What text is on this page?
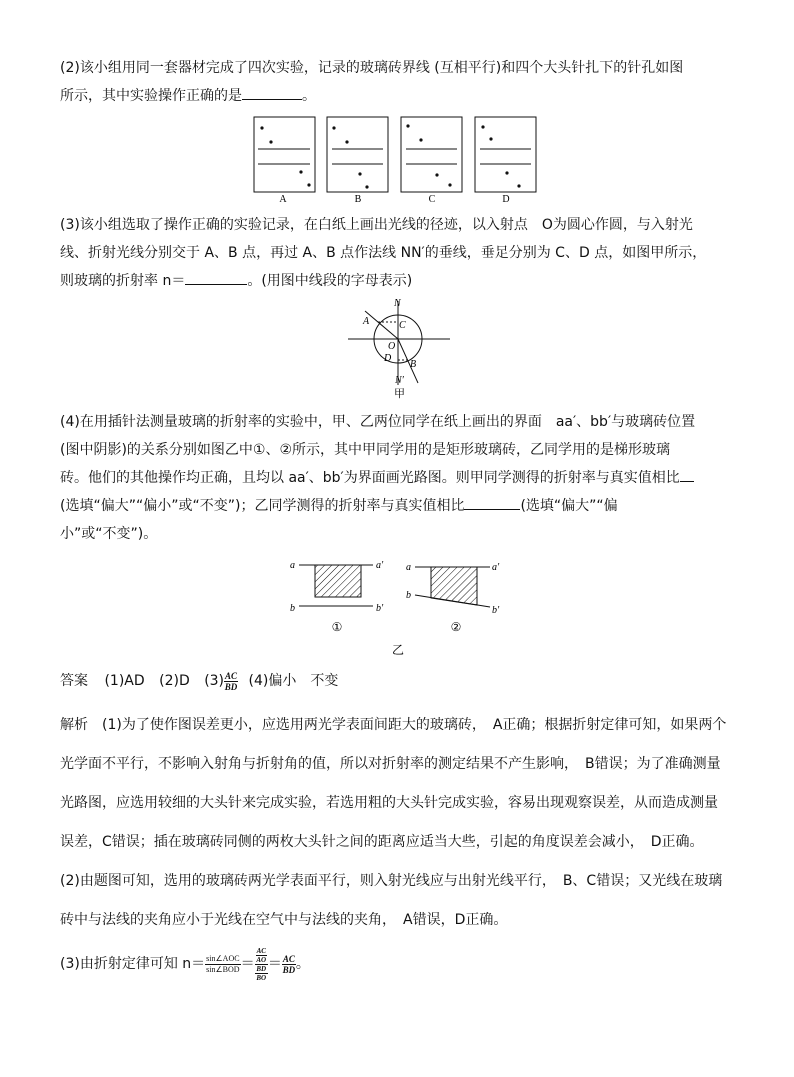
(2)该小组用同一套器材完成了四次实验，记录的玻璃砖界线 (互相平行)和四个大头针扎下的针孔如图
所示，其中实验操作正确的是	。
A	B	C	D
(3)该小组选取了操作正确的实验记录，在白纸上画出光线的径迹，以入射点　O为圆心作圆，与入射光
线、折射光线分别交于 A、B 点，再过 A、B 点作法线 NN′的垂线，垂足分别为 C、D 点，如图甲所示，
则玻璃的折射率 n＝	。(用图中线段的字母表示)
N
A	C
O
D
B
N′
甲
(4)在用插针法测量玻璃的折射率的实验中，甲、乙两位同学在纸上画出的界面　aa′、bb′与玻璃砖位置
(图中阴影)的关系分别如图乙中①、②所示，其中甲同学用的是矩形玻璃砖，乙同学用的是梯形玻璃
砖。他们的其他操作均正确，且均以 aa′、bb′为界面画光路图。则甲同学测得的折射率与真实值相比
(选填“偏大”“偏小”或“不变”)；乙同学测得的折射率与真实值相比	(选填“偏大”“偏
小”或“不变”)。
a	a′
b	b′
①
a	a′
b
b′
②
乙
答案 (1)AD (2)D $(3) \frac{AC}{BD} (4)$偏小　不变
解析　(1)为了使作图误差更小，应选用两光学表面间距大的玻璃砖，　A正确；根据折射定律可知，如果两个
光学面不平行，不影响入射角与折射角的值，所以对折射率的测定结果不产生影响，　B错误；为了准确测量
光路图，应选用较细的大头针来完成实验，若选用粗的大头针完成实验，容易出现观察误差，从而造成测量
误差，C错误；插在玻璃砖同侧的两枚大头针之间的距离应适当大些，引起的角度误差会减小，　D正确。
(2)由题图可知，选用的玻璃砖两光学表面平行，则入射光线应与出射光线平行，　B、C错误；又光线在玻璃
砖中与法线的夹角应小于光线在空气中与法线的夹角，　A错误，D正确。
(3)由折射定律可知 $n= \frac{\text{sin∠AOC}}{\text{sin∠BOD}}$ ＝ AC
AO
BD
BO ＝ $\frac{AC}{BD}$ 。
